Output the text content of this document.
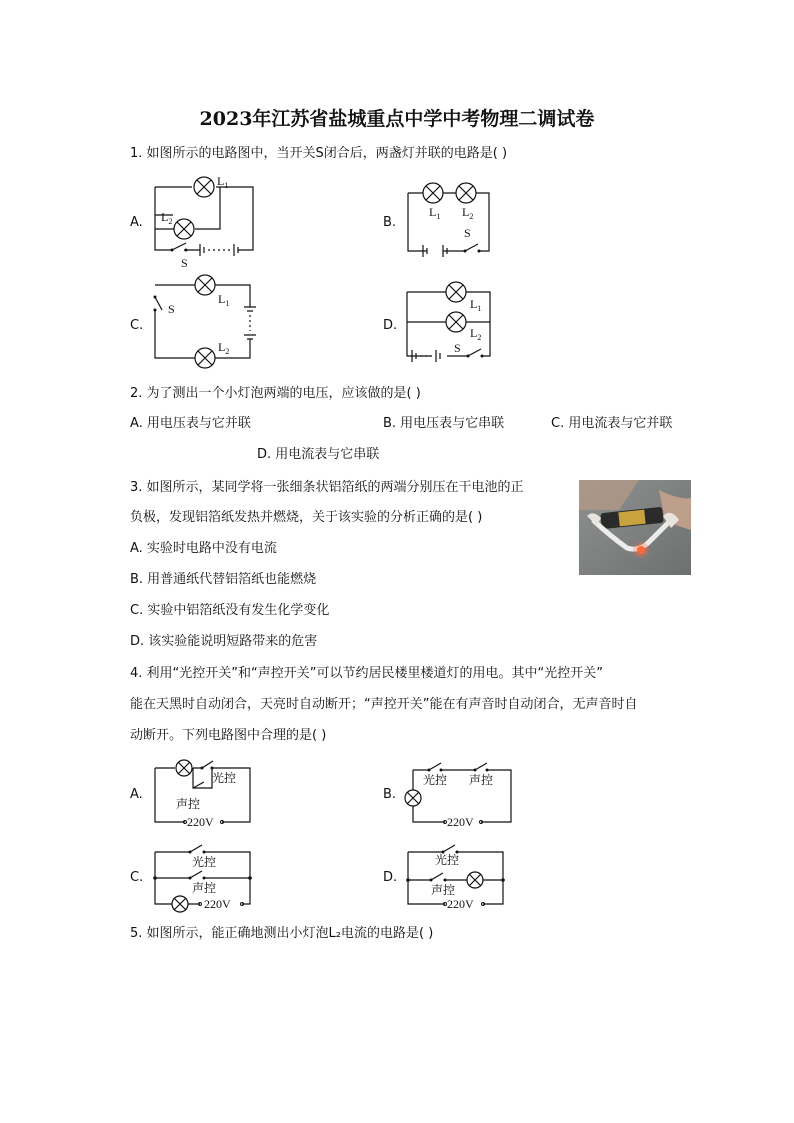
2023年江苏省盐城重点中学中考物理二调试卷
1. 如图所示的电路图中，当开关S闭合后，两盏灯并联的电路是( )
A.
$L_1$
$L_2$
S
B.
$L_1$ $L_2$
S
C.
S
$L_1$
$L_2$
D.
$L_1$
$L_2$
S
2. 为了测出一个小灯泡两端的电压，应该做的是( )
A. 用电压表与它并联	B. 用电压表与它串联	C. 用电流表与它并联
D. 用电流表与它串联
3. 如图所示，某同学将一张细条状铝箔纸的两端分别压在干电池的正
负极，发现铝箔纸发热并燃烧，关于该实验的分析正确的是( )
A. 实验时电路中没有电流
B. 用普通纸代替铝箔纸也能燃烧
C. 实验中铝箔纸没有发生化学变化
D. 该实验能说明短路带来的危害
4. 利用“光控开关”和“声控开关”可以节约居民楼里楼道灯的用电。其中“光控开关”
能在天黑时自动闭合，天亮时自动断开；“声控开关”能在有声音时自动闭合，无声音时自
动断开。下列电路图中合理的是( )
A.
光控
声控
220V
B.
光控 声控
220V
C.
光控
声控
220V
D.
光控
声控
220V
5. 如图所示，能正确地测出小灯泡L₂电流的电路是( )
